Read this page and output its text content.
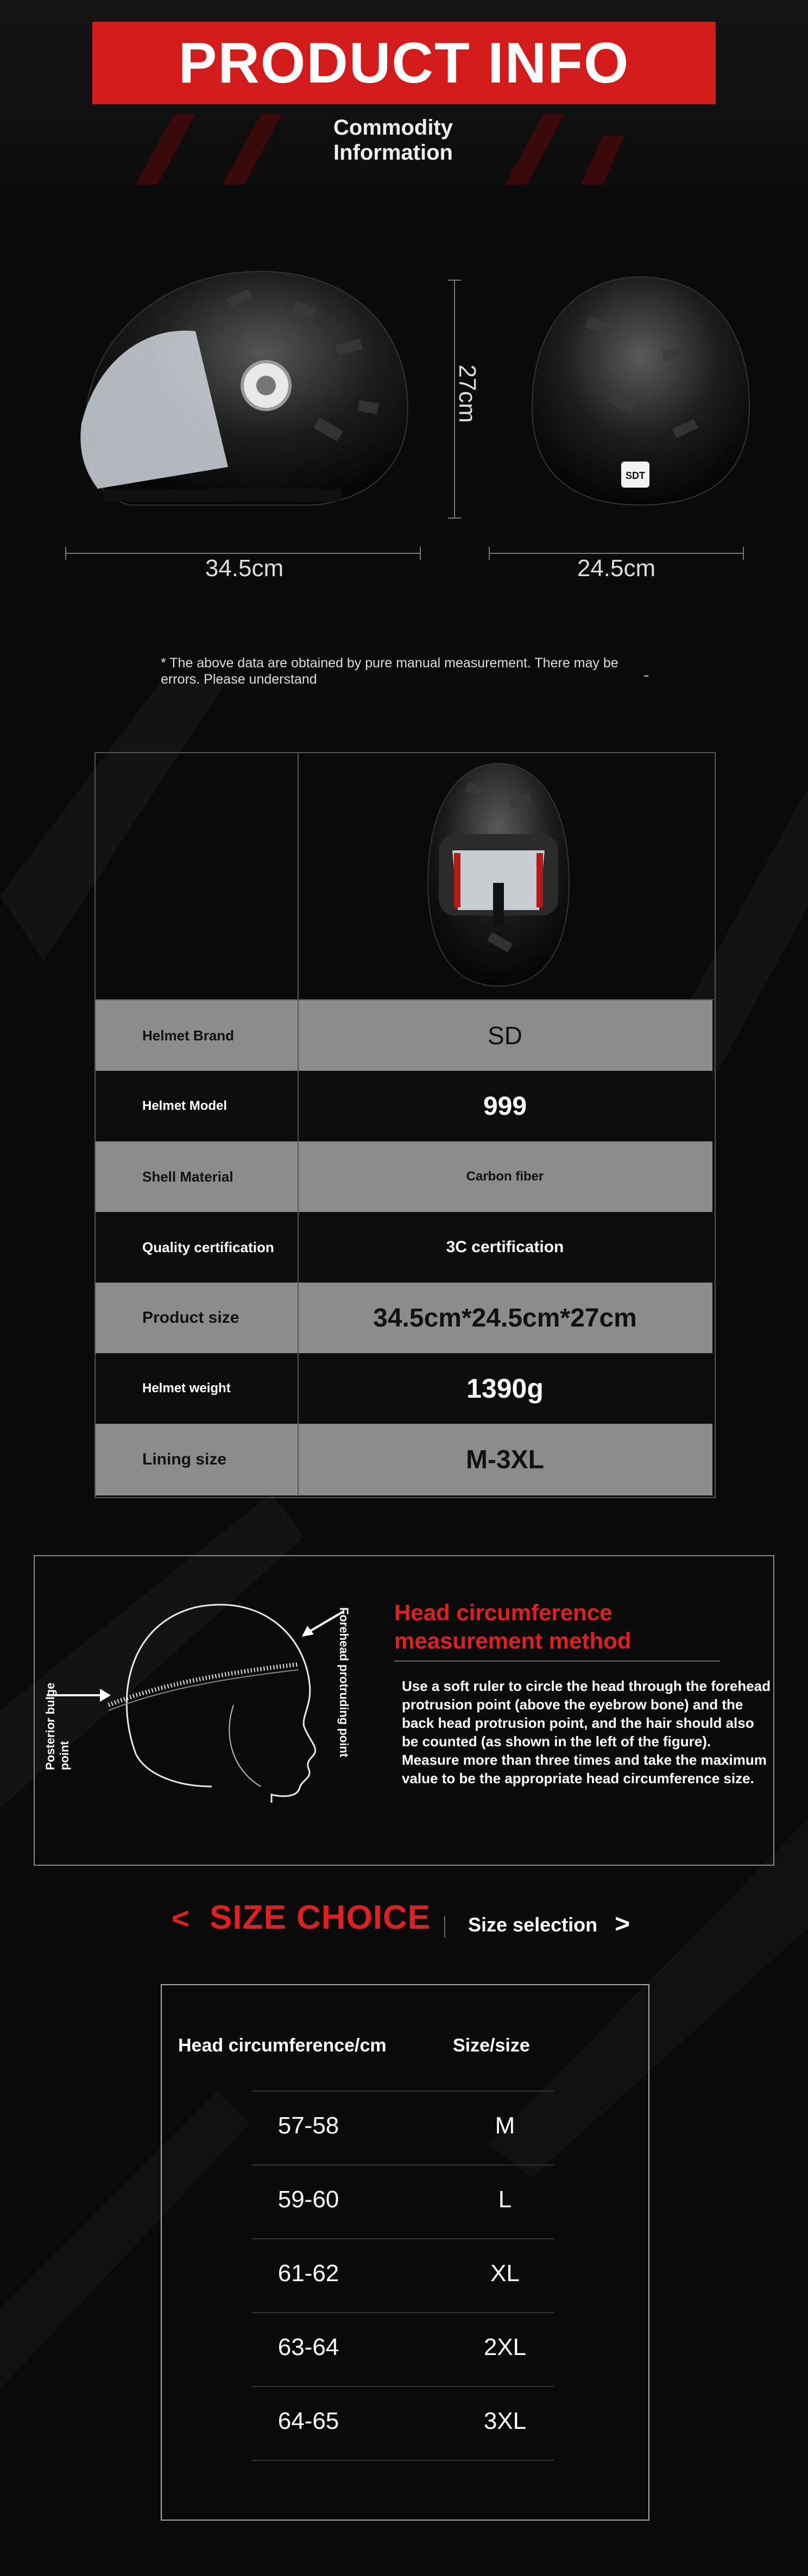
PRODUCT INFO
Commodity
Information
SDT
34.5cm	24.5cm
27cm
* The above data are obtained by pure manual measurement. There may be errors. Please understand
Helmet Brand	SD
Helmet Model	999
Shell Material	Carbon fiber
Quality certification	3C certification
Product size	34.5cm*24.5cm*27cm
Helmet weight	1390g
Lining size	M-3XL
Forehead protruding point
Posterior bulge point
Head circumference
measurement method
Use a soft ruler to circle the head through the forehead protrusion point (above the eyebrow bone) and the back head protrusion point, and the hair should also be counted (as shown in the left of the figure). Measure more than three times and take the maximum value to be the appropriate head circumference size.
< SIZE CHOICE Size selection >
Head circumference/cm	Size/size
57-58	M
59-60	L
61-62	XL
63-64	2XL
64-65	3XL
